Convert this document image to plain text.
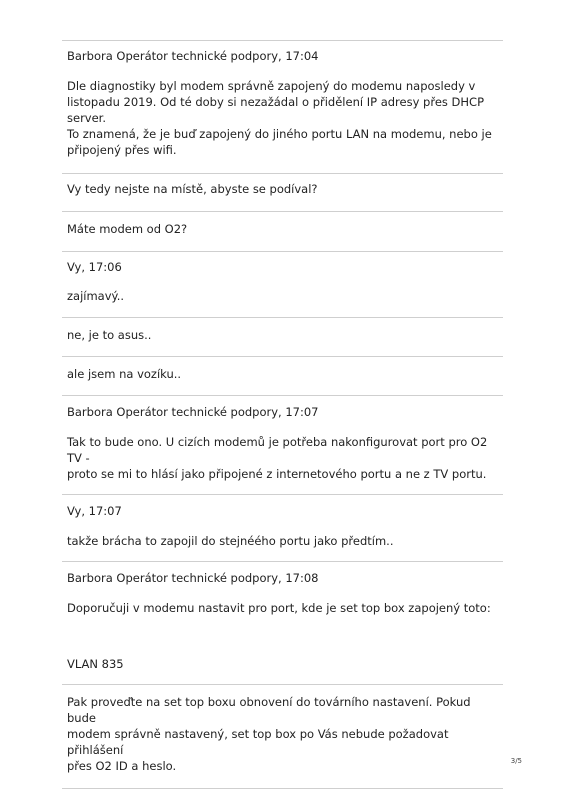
Barbora Operátor technické podpory, 17:04
Dle diagnostiky byl modem správně zapojený do modemu naposledy v
listopadu 2019. Od té doby si nezažádal o přidělení IP adresy přes DHCP server.
To znamená, že je buď zapojený do jiného portu LAN na modemu, nebo je
připojený přes wifi.
Vy tedy nejste na místě, abyste se podíval?
Máte modem od O2?
Vy, 17:06
zajímavý..
ne, je to asus..
ale jsem na vozíku..
Barbora Operátor technické podpory, 17:07
Tak to bude ono. U cizích modemů je potřeba nakonfigurovat port pro O2 TV -
proto se mi to hlásí jako připojené z internetového portu a ne z TV portu.
Vy, 17:07
takže brácha to zapojil do stejnééhо portu jako předtím..
Barbora Operátor technické podpory, 17:08
Doporučuji v modemu nastavit pro port, kde je set top box zapojený toto:
VLAN 835
Pak proveďte na set top boxu obnovení do továrního nastavení. Pokud bude
modem správně nastavený, set top box po Vás nebude požadovat přihlášení
přes O2 ID a heslo.	3/5
